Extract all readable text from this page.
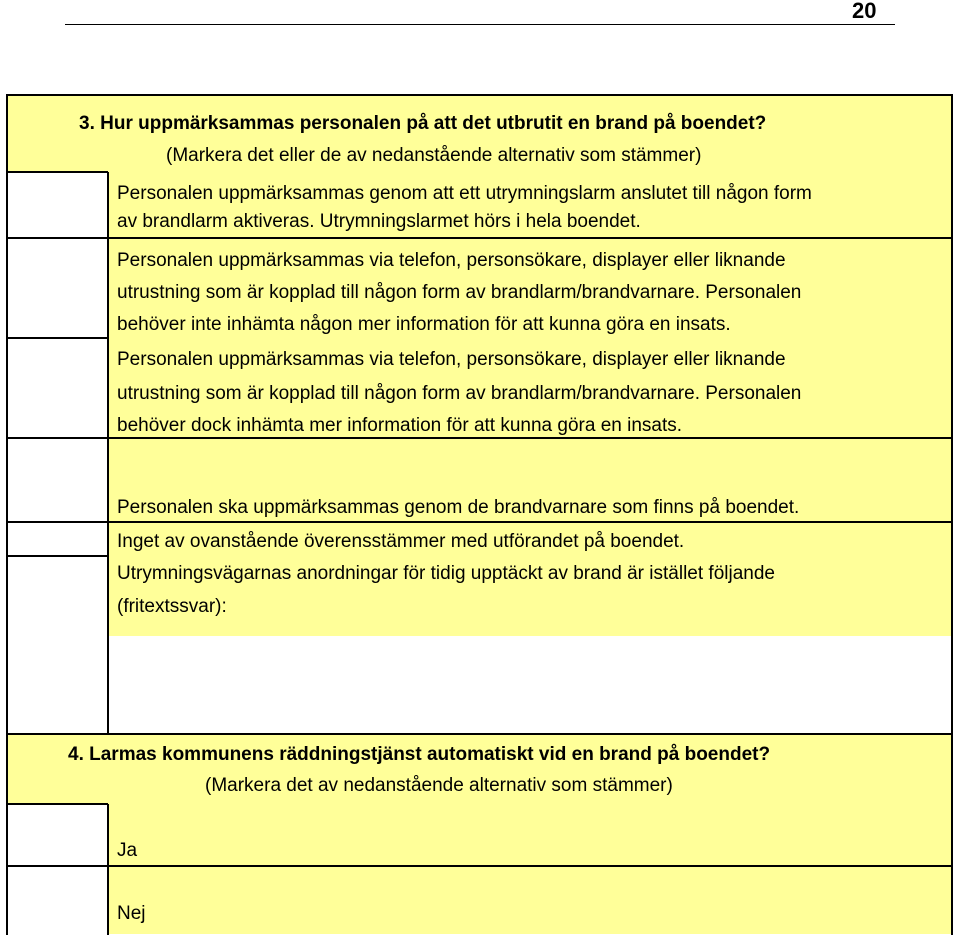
20
3. Hur uppmärksammas personalen på att det utbrutit en brand på boendet?
(Markera det eller de av nedanstående alternativ som stämmer)
Personalen uppmärksammas genom att ett utrymningslarm anslutet till någon form
av brandlarm aktiveras. Utrymningslarmet hörs i hela boendet.
Personalen uppmärksammas via telefon, personsökare, displayer eller liknande
utrustning som är kopplad till någon form av brandlarm/brandvarnare. Personalen
behöver inte inhämta någon mer information för att kunna göra en insats.
Personalen uppmärksammas via telefon, personsökare, displayer eller liknande
utrustning som är kopplad till någon form av brandlarm/brandvarnare. Personalen
behöver dock inhämta mer information för att kunna göra en insats.
Personalen ska uppmärksammas genom de brandvarnare som finns på boendet.
Inget av ovanstående överensstämmer med utförandet på boendet.
Utrymningsvägarnas anordningar för tidig upptäckt av brand är istället följande
(fritextssvar):
4. Larmas kommunens räddningstjänst automatiskt vid en brand på boendet?
(Markera det av nedanstående alternativ som stämmer)
Ja
Nej
